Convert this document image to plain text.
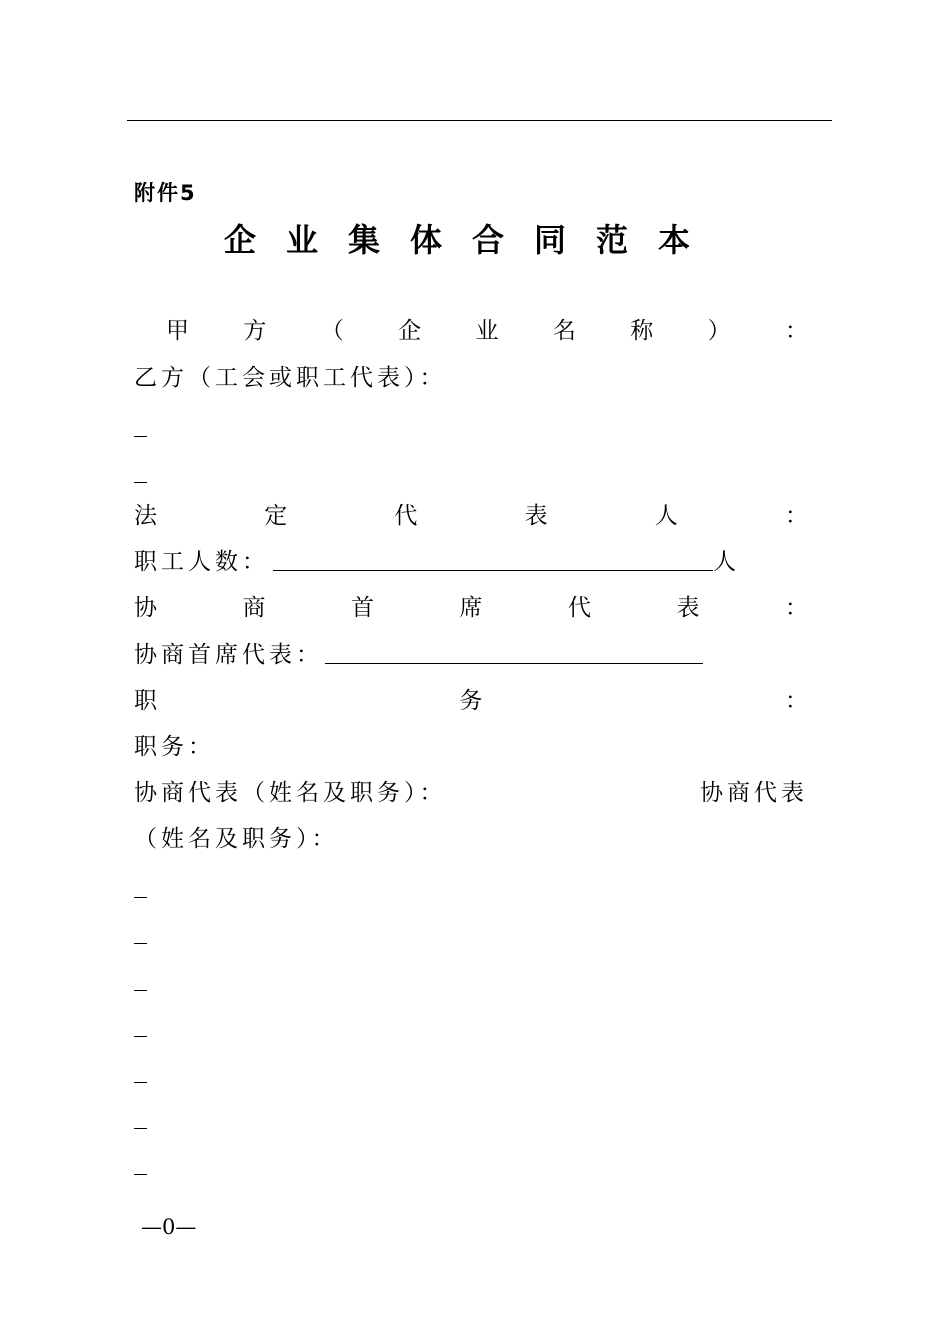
附件5
企业集体合同范本
甲 方 （ 企 业 名 称 ） ：
乙方（工会或职工代表）：
法	定	代	表	人	：
职工人数：	人
协	商	首	席	代	表	：
协商首席代表：
职	务	：
职务：
协商代表（姓名及职务）：	协商代表
（姓名及职务）：
—0—
